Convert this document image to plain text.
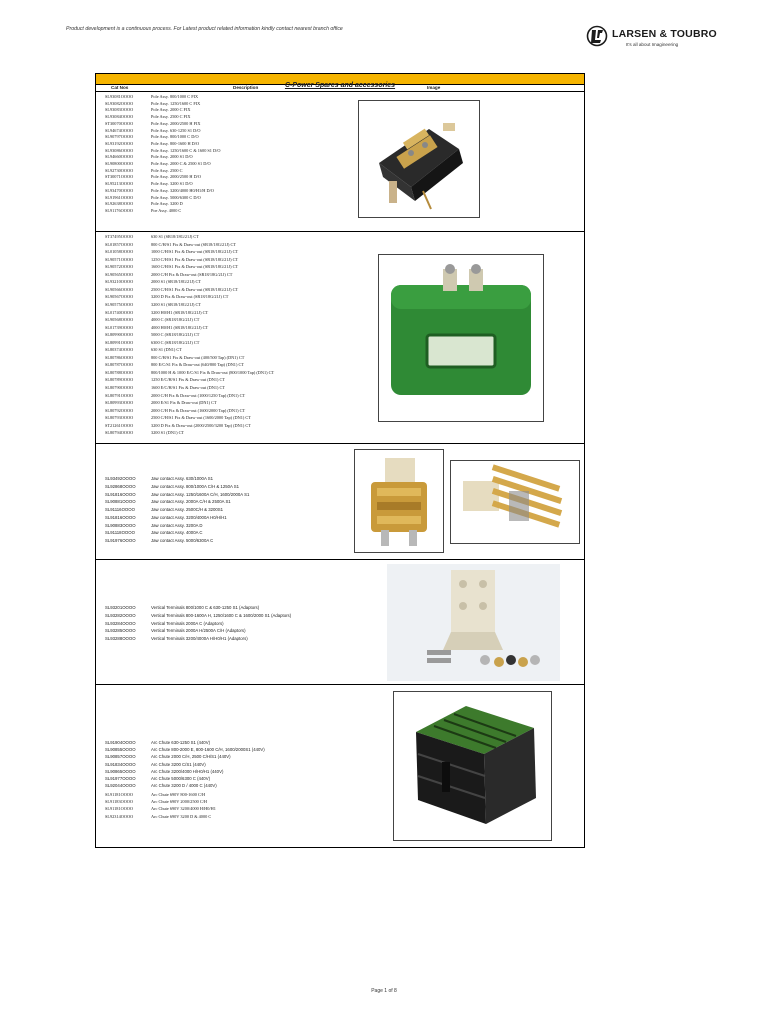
Product development is a continuous process. For Latest product related information kindly contact nearest branch office	LARSEN & TOUBRO
It's all about Imagineering
C-Power Spares and accessories
Cat Nos	Description	Image
SL93081OOOO	Pole Assy. 800/1000 C FIX
SL93082OOOO	Pole Assy. 1250/1600 C FIX
SL93083OOOO	Pole Assy. 2000 C FIX
SL93084OOOO	Pole Assy. 2500 C FIX
ST30070OOOO	Pole Assy. 2000/2500 H FIX
SL94674OOOO	Pole Assy. 630-1250 S1 D/O
SL90797OOOO	Pole Assy. 800/1000 C D/O
SL93192OOOO	Pole Assy. 800-1600 H D/O
SL93086OOOO	Pole Assy. 1250/1600 C & 1600 S1 D/O
SL94660OOOO	Pole Assy. 2000 S1 D/O
SL90800OOOO	Pole Assy. 2000 C & 2500 S1 D/O
SL92730OOOO	Pole Assy. 2500 C
ST30071OOOO	Pole Assy. 2000/2500 H D/O
SL95213OOOO	Pole Assy. 3200 S1 D/O
SL93470OOOO	Pole Assy. 3200/4000 H0/H1/H D/O
SL91961OOOO	Pole Assy. 5000/6300 C D/O
SL92638OOOO	Pole Assy. 3200 D
SL91176OOOO	Poe Assy. 4000 C
ST37495OOOO	630 S1 (SR18/18G/21J) CT
SL01857OOOO	800 C/H/S1 Fix & Draw-out (SR18/18G/21J) CT
SL01058OOOO	1000 C/H/S1 Fix & Draw-out (SR18/18G/21J) CT
SL90571OOOO	1250 C/H/S1 Fix & Draw-out (SR18/18G/21J) CT
SL90572OOOO	1600 C/H/S1 Fix & Draw-out (SR18/18G/21J) CT
SL90565OOOO	2000 C/H Fix & Draw-out (SR18/18G/21J) CT
SL93210OOOO	2000 S1 (SR18/18G/21J) CT
SL90566OOOO	2500 C/H/S1 Fix & Draw-out (SR18/18G/21J) CT
SL90567OOOO	3200 D Fix & Draw-out (SR18/18G/21J) CT
SL90575OOOO	3200 S1 (SR18/18G/21J) CT
SL01740OOOO	3200 H0/H1 (SR18/18G/21J) CT
SL90568OOOO	4000 C (SR18/18G/21J) CT
SL01739OOOO	4000 H0/H1 (SR18/18G/21J) CT
SL80990OOOO	5000 C (SR18/18G/21J) CT
SL80991OOOO	6300 C (SR18/18G/21J) CT
SL80374OOOO	630 S1 (DN1) CT
SL80786OOOO	800 C/H/S1 Fix & Draw-out (400/500 Tap) (DN1) CT
SL80787OOOO	800 E/C/S1 Fix & Draw-out (640/800 Tap) (DN1) CT
SL80788OOOO	800/1000 H & 1000 E/C/S1 Fix & Draw-out (800/1000 Tap) (DN1) CT
SL80789OOOO	1250 E/C/H/S1 Fix & Draw-out (DN1) CT
SL80790OOOO	1600 E/C/H/S1 Fix & Draw-out (DN1) CT
SL80791OOOO	2000 C/H Fix & Draw-out (1000/1250 Tap) (DN1) CT
SL80993OOOO	2000 E/S1 Fix & Draw-out (DN1) CT
SL80792OOOO	2000 C/H Fix & Draw-out (1600/2000 Tap) (DN1) CT
SL80793OOOO	2500 C/H/S1 Fix & Draw-out (1600/2000 Tap) (DN1) CT
ST21261OOOO	3200 D Fix & Draw-out (2000/2500/3200 Tap) (DN1) CT
SL80794OOOO	3200 S1 (DN1) CT
SL93492OOOO	Jaw contact Assy. 630/1000A S1
SL92868OOOO	Jaw contact Assy. 800/1000A C/H & 1250A S1
SL91816OOOO	Jaw contact Assy. 1250/1600A C/H, 1600/2000A S1
SL90881OOOO	Jaw contact Assy. 2000A C/H & 2500A S1
SL91116OOOO	Jaw contact Assy. 2500C/H & 3200S1
SL91816OOOO	Jaw contact Assy. 3200/4000A H0/H/H1
SL90883OOOO	Jaw contact Assy. 3200A D
SL91118OOOO	Jaw contact Assy. 4000A C
SL91976OOOO	Jaw contact Assy. 5000/6300A C
SL93201OOOO	Vertical Terminals 800/1000 C & 630-1250 S1 (Adaptors)
SL93282OOOO	Vertical Terminals 800-1600A H, 1250/1600 C & 1600/2000 S1 (Adaptors)
SL93284OOOO	Vertical Terminals 2000A C (Adaptors)
SL93285OOOO	Vertical Terminals 2000A H/2500A C/H (Adaptors)
SL93288OOOO	Vertical Terminals 3200/4000A H/H0/H1 (Adaptors)
SL91904OOOO	Arc Chute 630-1250 S1 (440V)
SL90855OOOO	Arc Chute 800-2000 E, 800-1600 C/H, 1600/2000S1 (440V)
SL90857OOOO	Arc Chute 2000 C/H, 2500 C/H/S1 (440V)
SL91834OOOO	Arc Chute 3200 C/S1 (440V)
SL90865OOOO	Arc Chute 3200/4000 H/H0/H1 (440V)
SL91977OOOO	Arc Chute 5000/6300 C (440V)
SL92044OOOO	Arc Chute 3200 D / 4000 C (440V)
SL91181OOOO	Arc Chute 690V 800-1600 C/H
SL91183OOOO	Arc Chute 690V 2000/2500 C/H
SL91181OOOO	Arc Chute 690V 3200/4000 H/H0/H1
SL92314OOOO	Arc Chute 690V 3200 D & 4000 C
Page 1 of 8
